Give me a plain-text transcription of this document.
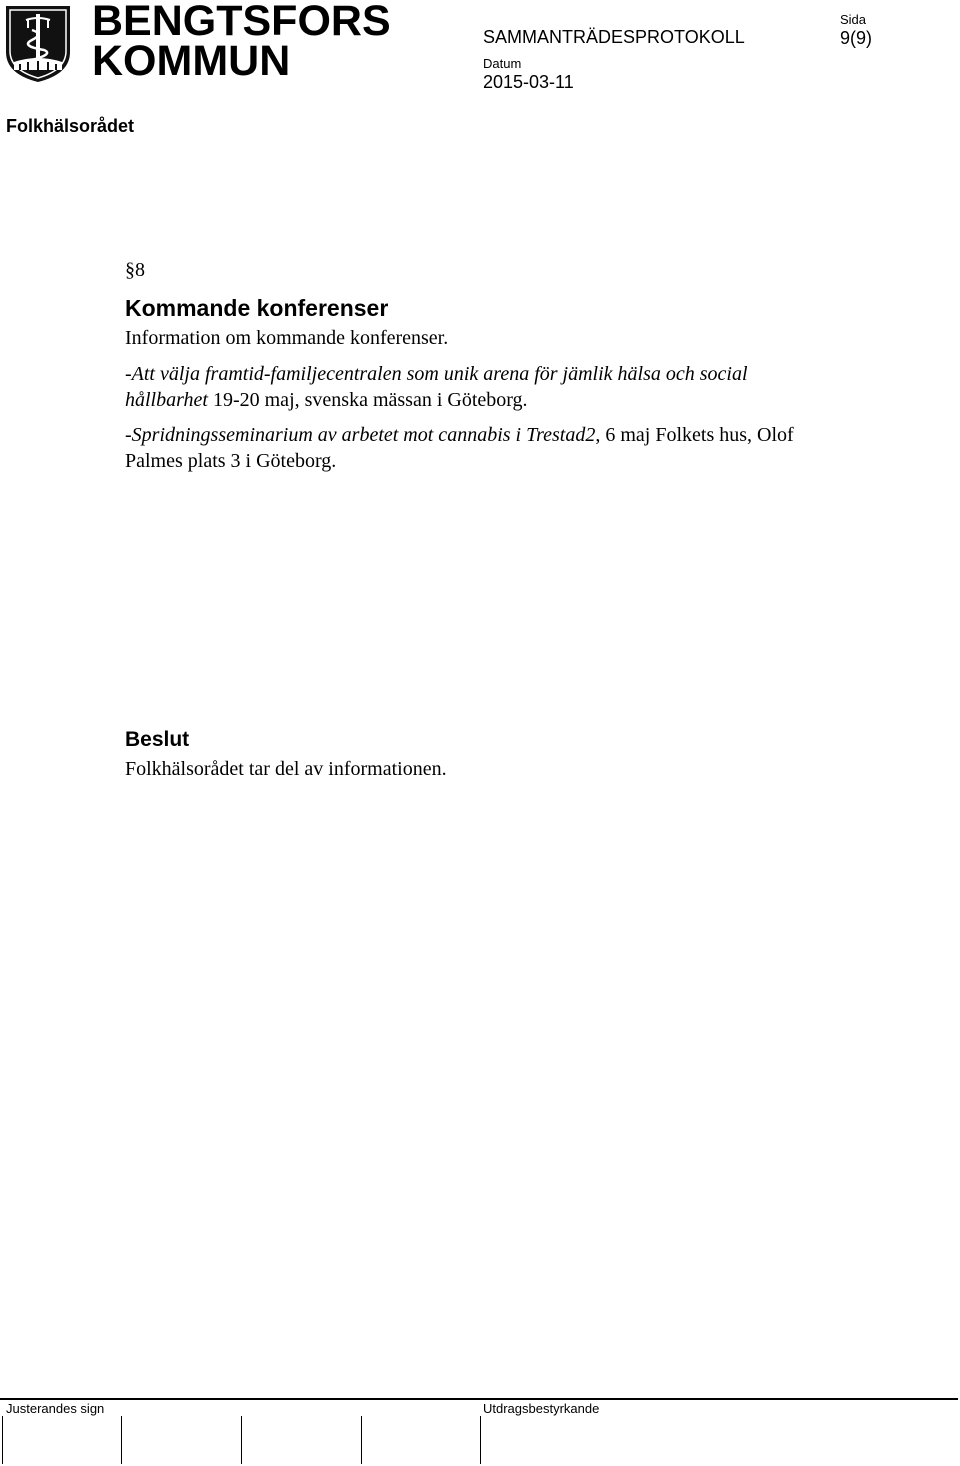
BENGTSFORS
KOMMUN	SAMMANTRÄDESPROTOKOLL
Sida
9(9)
Datum
2015-03-11
Folkhälsorådet
§8
Kommande konferenser

Information om kommande konferenser.

-Att välja framtid-familjecentralen som unik arena för jämlik hälsa och social hållbarhet 19-20 maj, svenska mässan i Göteborg.

-Spridningsseminarium av arbetet mot cannabis i Trestad2, 6 maj Folkets hus, Olof Palmes plats 3 i Göteborg.

Beslut
Folkhälsorådet tar del av informationen.
Justerandes sign	Utdragsbestyrkande
